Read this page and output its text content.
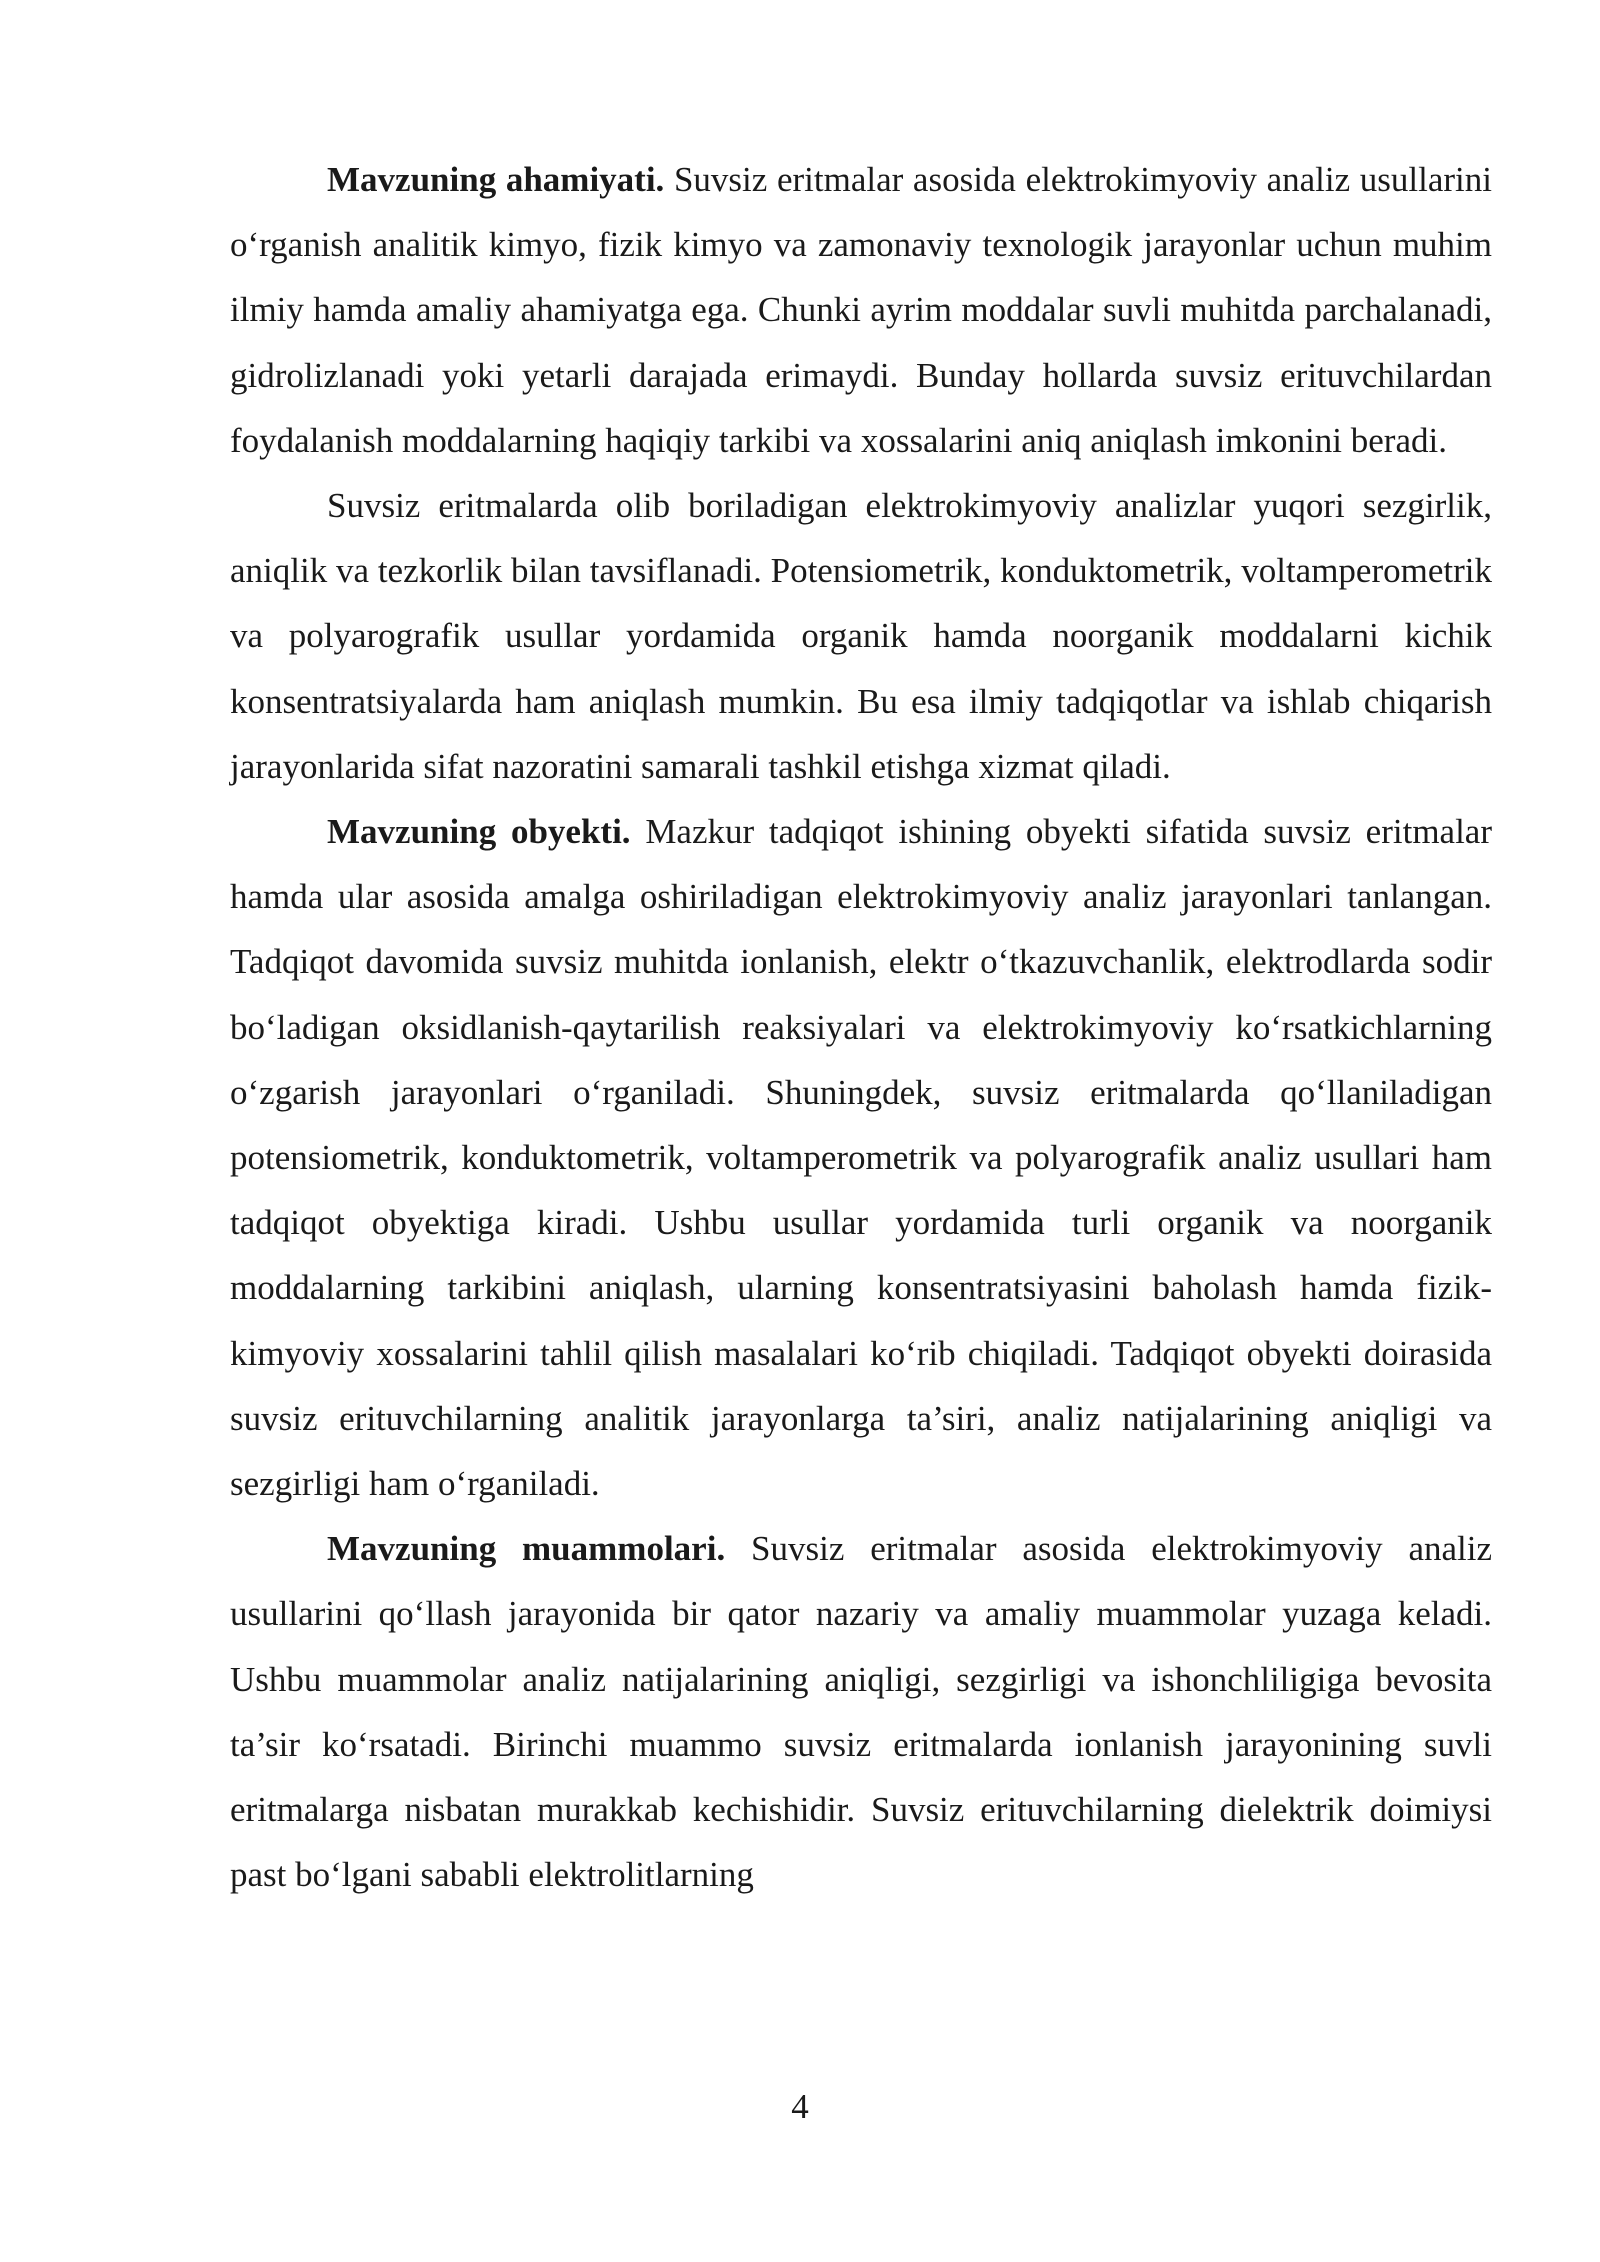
Mavzuning ahamiyati. Suvsiz eritmalar asosida elektrokimyoviy analiz usullarini o‘rganish analitik kimyo, fizik kimyo va zamonaviy texnologik jarayonlar uchun muhim ilmiy hamda amaliy ahamiyatga ega. Chunki ayrim moddalar suvli muhitda parchalanadi, gidrolizlanadi yoki yetarli darajada erimaydi. Bunday hollarda suvsiz erituvchilardan foydalanish moddalarning haqiqiy tarkibi va xossalarini aniq aniqlash imkonini beradi.

Suvsiz eritmalarda olib boriladigan elektrokimyoviy analizlar yuqori sezgirlik, aniqlik va tezkorlik bilan tavsiflanadi. Potensiometrik, konduktometrik, voltamperometrik va polyarografik usullar yordamida organik hamda noorganik moddalarni kichik konsentratsiyalarda ham aniqlash mumkin. Bu esa ilmiy tadqiqotlar va ishlab chiqarish jarayonlarida sifat nazoratini samarali tashkil etishga xizmat qiladi.

Mavzuning obyekti. Mazkur tadqiqot ishining obyekti sifatida suvsiz eritmalar hamda ular asosida amalga oshiriladigan elektrokimyoviy analiz jarayonlari tanlangan. Tadqiqot davomida suvsiz muhitda ionlanish, elektr o‘tkazuvchanlik, elektrodlarda sodir bo‘ladigan oksidlanish-qaytarilish reaksiyalari va elektrokimyoviy ko‘rsatkichlarning o‘zgarish jarayonlari o‘rganiladi. Shuningdek, suvsiz eritmalarda qo‘llaniladigan potensiometrik, konduktometrik, voltamperometrik va polyarografik analiz usullari ham tadqiqot obyektiga kiradi. Ushbu usullar yordamida turli organik va noorganik moddalarning tarkibini aniqlash, ularning konsentratsiyasini baholash hamda fizik-kimyoviy xossalarini tahlil qilish masalalari ko‘rib chiqiladi. Tadqiqot obyekti doirasida suvsiz erituvchilarning analitik jarayonlarga ta’siri, analiz natijalarining aniqligi va sezgirligi ham o‘rganiladi.

Mavzuning muammolari. Suvsiz eritmalar asosida elektrokimyoviy analiz usullarini qo‘llash jarayonida bir qator nazariy va amaliy muammolar yuzaga keladi. Ushbu muammolar analiz natijalarining aniqligi, sezgirligi va ishonchliligiga bevosita ta’sir ko‘rsatadi. Birinchi muammo suvsiz eritmalarda ionlanish jarayonining suvli eritmalarga nisbatan murakkab kechishidir. Suvsiz erituvchilarning dielektrik doimiysi past bo‘lgani sababli elektrolitlarning

4
